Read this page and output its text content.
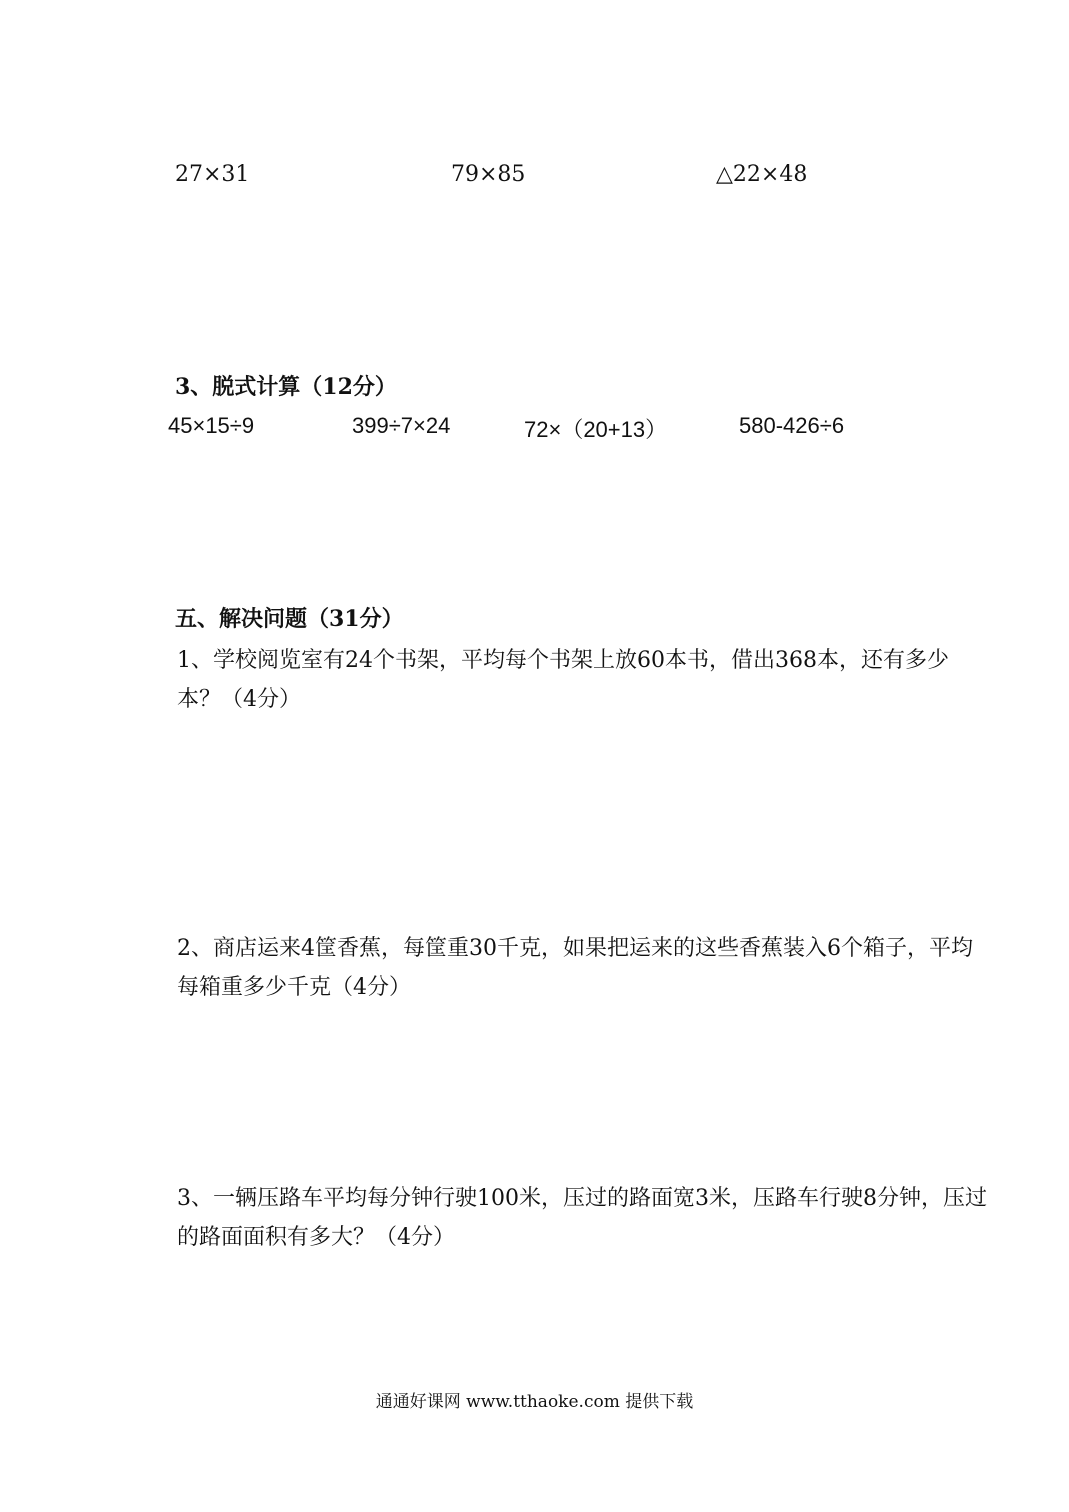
27×31	79×85	△22×48
3、脱式计算（12分）
45×15÷9	399÷7×24	72×（20+13）	580-426÷6
五、解决问题（31分）
1、学校阅览室有24个书架，平均每个书架上放60本书，借出368本，还有多少本？（4分）
2、商店运来4筐香蕉，每筐重30千克，如果把运来的这些香蕉装入6个箱子，平均每箱重多少千克（4分）
3、一辆压路车平均每分钟行驶100米，压过的路面宽3米，压路车行驶8分钟，压过的路面面积有多大？（4分）
通通好课网 www.tthaoke.com 提供下载
